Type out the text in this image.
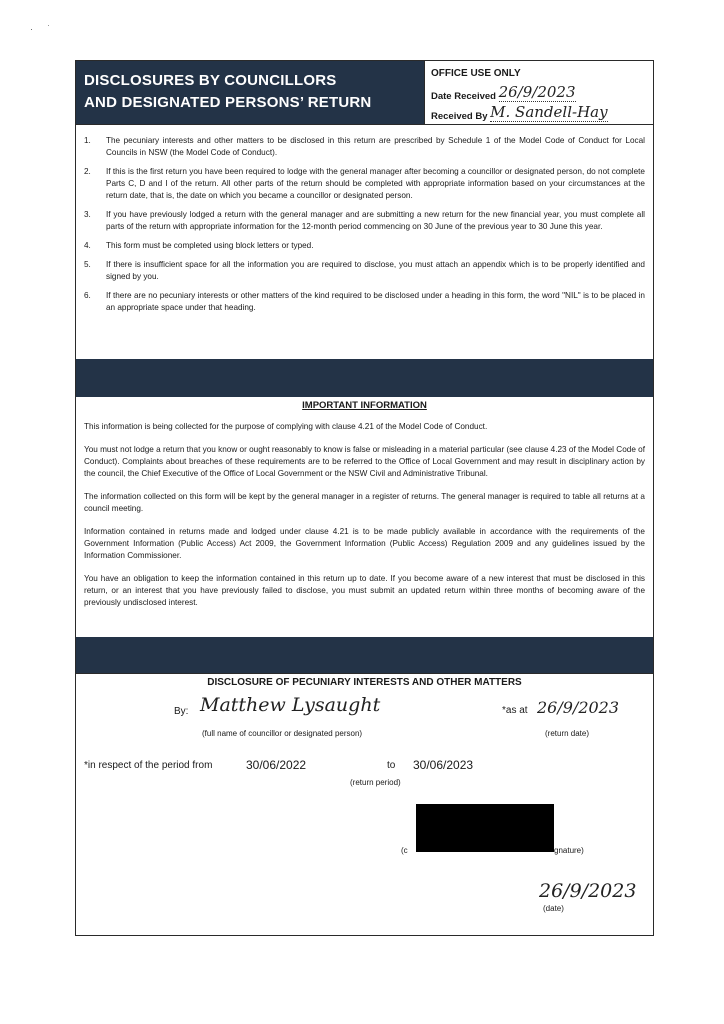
· ˙
DISCLOSURES BY COUNCILLORS
AND DESIGNATED PERSONS’ RETURN
OFFICE USE ONLY
Date Received 26/9/2023
Received By M. Sandell-Hay
1.	The pecuniary interests and other matters to be disclosed in this return are prescribed by Schedule 1 of the Model Code of Conduct for Local Councils in NSW (the Model Code of Conduct).
2.	If this is the first return you have been required to lodge with the general manager after becoming a councillor or designated person, do not complete Parts C, D and I of the return. All other parts of the return should be completed with appropriate information based on your circumstances at the return date, that is, the date on which you became a councillor or designated person.
3.	If you have previously lodged a return with the general manager and are submitting a new return for the new financial year, you must complete all parts of the return with appropriate information for the 12-month period commencing on 30 June of the previous year to 30 June this year.
4.	This form must be completed using block letters or typed.
5.	If there is insufficient space for all the information you are required to disclose, you must attach an appendix which is to be properly identified and signed by you.
6.	If there are no pecuniary interests or other matters of the kind required to be disclosed under a heading in this form, the word "NIL" is to be placed in an appropriate space under that heading.
IMPORTANT INFORMATION

This information is being collected for the purpose of complying with clause 4.21 of the Model Code of Conduct.

You must not lodge a return that you know or ought reasonably to know is false or misleading in a material particular (see clause 4.23 of the Model Code of Conduct). Complaints about breaches of these requirements are to be referred to the Office of Local Government and may result in disciplinary action by the council, the Chief Executive of the Office of Local Government or the NSW Civil and Administrative Tribunal.

The information collected on this form will be kept by the general manager in a register of returns. The general manager is required to table all returns at a council meeting.

Information contained in returns made and lodged under clause 4.21 is to be made publicly available in accordance with the requirements of the Government Information (Public Access) Act 2009, the Government Information (Public Access) Regulation 2009 and any guidelines issued by the Information Commissioner.

You have an obligation to keep the information contained in this return up to date. If you become aware of a new interest that must be disclosed in this return, or an interest that you have previously failed to disclose, you must submit an updated return within three months of becoming aware of the previously undisclosed interest.

DISCLOSURE OF PECUNIARY INTERESTS AND OTHER MATTERS
By: Matthew Lysaught
(full name of councillor or designated person)
*as at 26/9/2023
(return date)
*in respect of the period from	30/06/2022	to 30/06/2023
(return period)
(c	gnature)
26/9/2023
(date)
